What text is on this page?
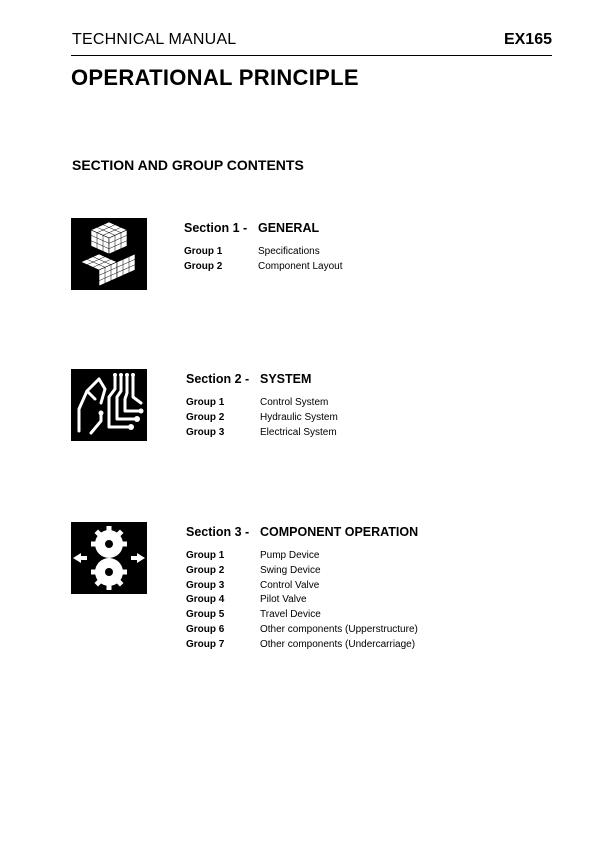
TECHNICAL MANUAL	EX165
OPERATIONAL PRINCIPLE
SECTION AND GROUP CONTENTS
Section 1 - GENERAL
Group 1	Specifications
Group 2	Component Layout
Section 2 - SYSTEM
Group 1	Control System
Group 2	Hydraulic System
Group 3	Electrical System
Section 3 - COMPONENT OPERATION
Group 1	Pump Device
Group 2	Swing Device
Group 3	Control Valve
Group 4	Pilot Valve
Group 5	Travel Device
Group 6	Other components (Upperstructure)
Group 7	Other components (Undercarriage)
